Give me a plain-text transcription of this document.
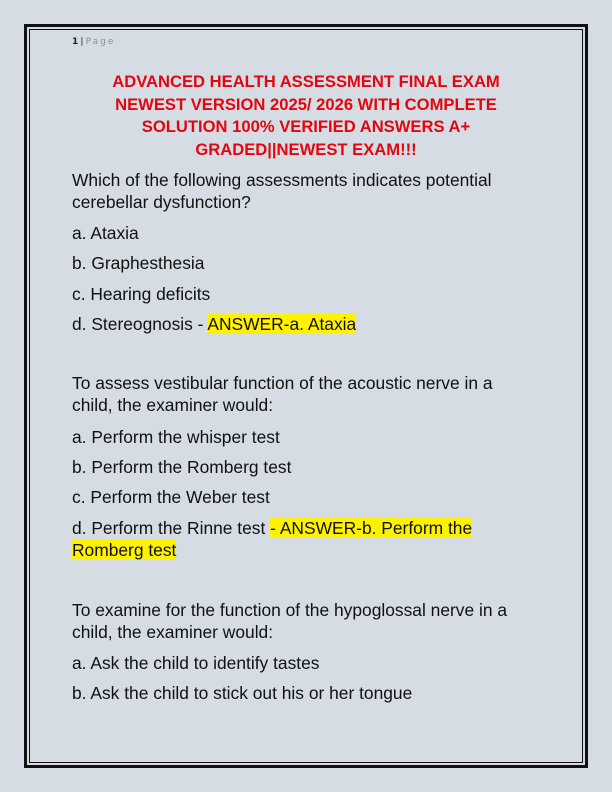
1 | Page
ADVANCED HEALTH ASSESSMENT FINAL EXAM
NEWEST VERSION 2025/ 2026 WITH COMPLETE
SOLUTION 100% VERIFIED ANSWERS A+
GRADED||NEWEST EXAM!!!
Which of the following assessments indicates potential
cerebellar dysfunction?
a. Ataxia
b. Graphesthesia
c. Hearing deficits
d. Stereognosis - ANSWER-a. Ataxia
To assess vestibular function of the acoustic nerve in a
child, the examiner would:
a. Perform the whisper test
b. Perform the Romberg test
c. Perform the Weber test
d. Perform the Rinne test - ANSWER-b. Perform the
Romberg test
To examine for the function of the hypoglossal nerve in a
child, the examiner would:
a. Ask the child to identify tastes
b. Ask the child to stick out his or her tongue
